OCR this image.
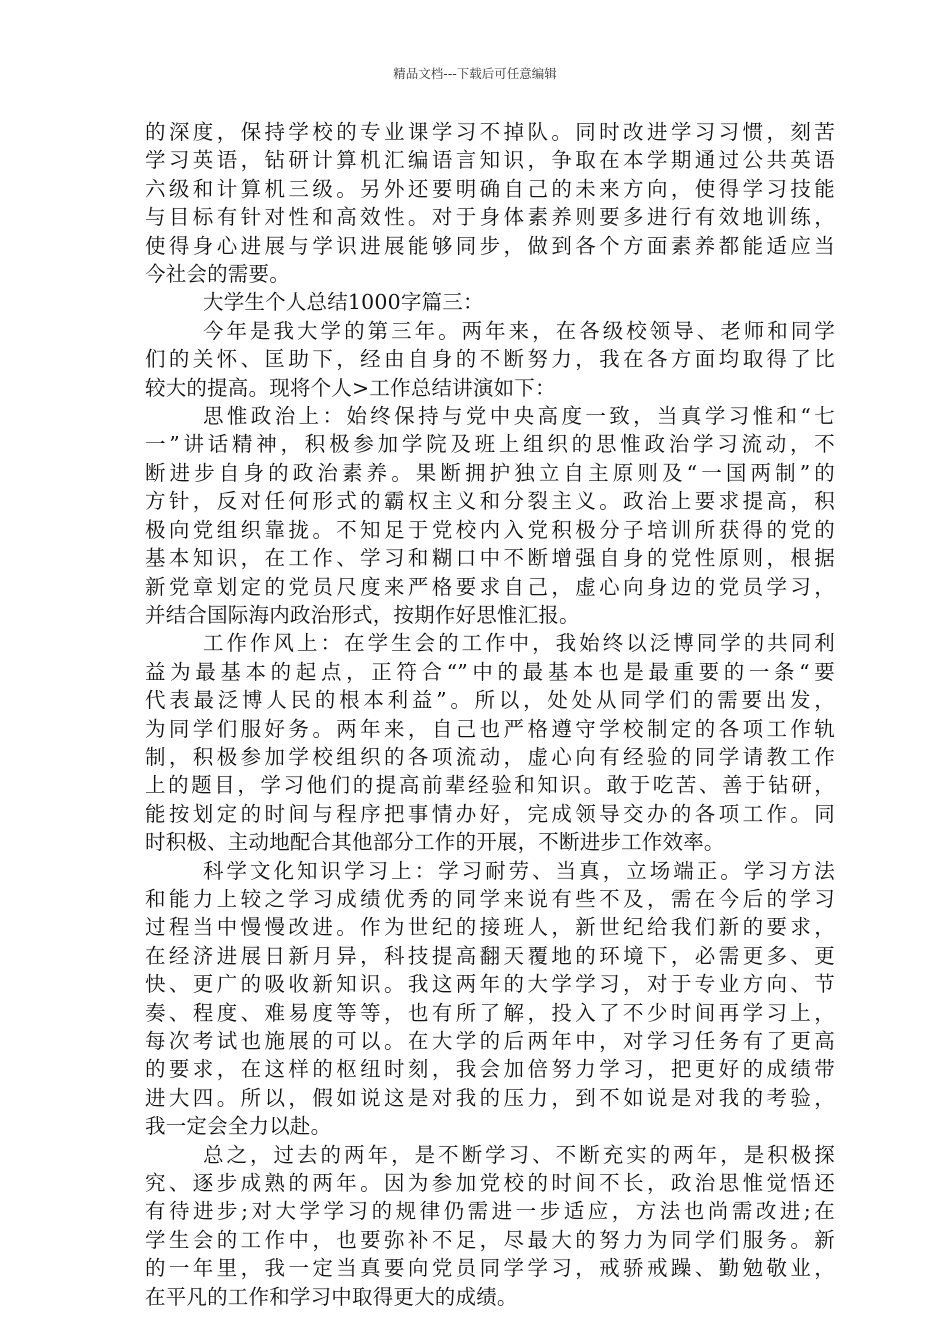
精品文档---下载后可任意编辑
的深度，保持学校的专业课学习不掉队。同时改进学习习惯，刻苦
学习英语，钻研计算机汇编语言知识，争取在本学期通过公共英语
六级和计算机三级。另外还要明确自己的未来方向，使得学习技能
与目标有针对性和高效性。对于身体素养则要多进行有效地训练，
使得身心进展与学识进展能够同步，做到各个方面素养都能适应当
今社会的需要。
大学生个人总结1000字篇三：
今年是我大学的第三年。两年来，在各级校领导、老师和同学
们的关怀、匡助下，经由自身的不断努力，我在各方面均取得了比
较大的提高。现将个人>工作总结讲演如下：
思惟政治上：始终保持与党中央高度一致，当真学习惟和“七
一”讲话精神，积极参加学院及班上组织的思惟政治学习流动，不
断进步自身的政治素养。果断拥护独立自主原则及“一国两制”的
方针，反对任何形式的霸权主义和分裂主义。政治上要求提高，积
极向党组织靠拢。不知足于党校内入党积极分子培训所获得的党的
基本知识，在工作、学习和糊口中不断增强自身的党性原则，根据
新党章划定的党员尺度来严格要求自己，虚心向身边的党员学习，
并结合国际海内政治形式，按期作好思惟汇报。
工作作风上：在学生会的工作中，我始终以泛博同学的共同利
益为最基本的起点，正符合“”中的最基本也是最重要的一条“要
代表最泛博人民的根本利益”。所以，处处从同学们的需要出发，
为同学们服好务。两年来，自己也严格遵守学校制定的各项工作轨
制，积极参加学校组织的各项流动，虚心向有经验的同学请教工作
上的题目，学习他们的提高前辈经验和知识。敢于吃苦、善于钻研，
能按划定的时间与程序把事情办好，完成领导交办的各项工作。同
时积极、主动地配合其他部分工作的开展，不断进步工作效率。
科学文化知识学习上：学习耐劳、当真，立场端正。学习方法
和能力上较之学习成绩优秀的同学来说有些不及，需在今后的学习
过程当中慢慢改进。作为世纪的接班人，新世纪给我们新的要求，
在经济进展日新月异，科技提高翻天覆地的环境下，必需更多、更
快、更广的吸收新知识。我这两年的大学学习，对于专业方向、节
奏、程度、难易度等等，也有所了解，投入了不少时间再学习上，
每次考试也施展的可以。在大学的后两年中，对学习任务有了更高
的要求，在这样的枢纽时刻，我会加倍努力学习，把更好的成绩带
进大四。所以，假如说这是对我的压力，到不如说是对我的考验，
我一定会全力以赴。
总之，过去的两年，是不断学习、不断充实的两年，是积极探
究、逐步成熟的两年。因为参加党校的时间不长，政治思惟觉悟还
有待进步;对大学学习的规律仍需进一步适应，方法也尚需改进;在
学生会的工作中，也要弥补不足，尽最大的努力为同学们服务。新
的一年里，我一定当真要向党员同学学习，戒骄戒躁、勤勉敬业，
在平凡的工作和学习中取得更大的成绩。
